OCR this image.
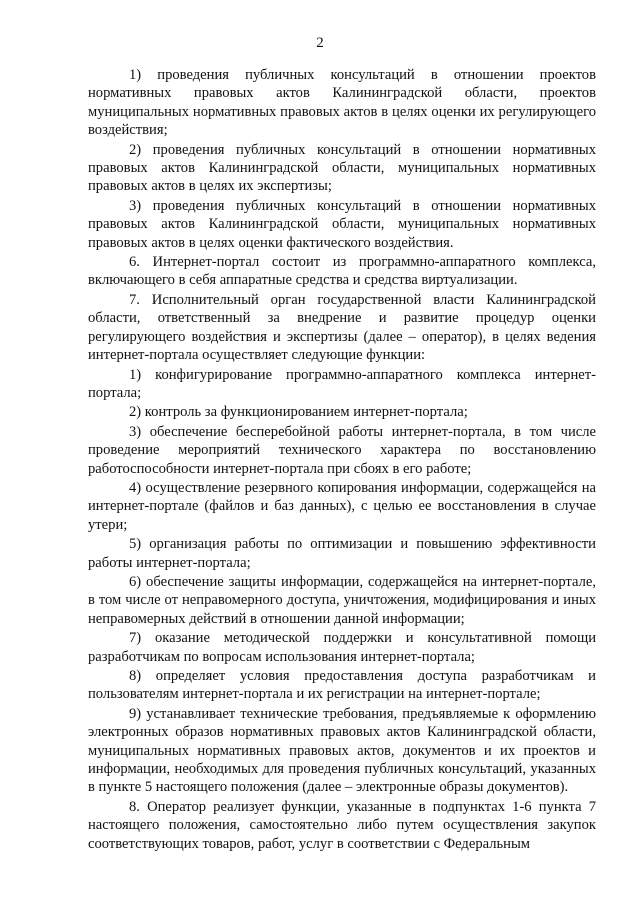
2

1) проведения публичных консультаций в отношении проектов нормативных правовых актов Калининградской области, проектов муниципальных нормативных правовых актов в целях оценки их регулирующего воздействия;

2) проведения публичных консультаций в отношении нормативных правовых актов Калининградской области, муниципальных нормативных правовых актов в целях их экспертизы;

3) проведения публичных консультаций в отношении нормативных правовых актов Калининградской области, муниципальных нормативных правовых актов в целях оценки фактического воздействия.

6. Интернет-портал состоит из программно-аппаратного комплекса, включающего в себя аппаратные средства и средства виртуализации.

7. Исполнительный орган государственной власти Калининградской области, ответственный за внедрение и развитие процедур оценки регулирующего воздействия и экспертизы (далее – оператор), в целях ведения интернет-портала осуществляет следующие функции:

1) конфигурирование программно-аппаратного комплекса интернет-портала;

2) контроль за функционированием интернет-портала;

3) обеспечение бесперебойной работы интернет-портала, в том числе проведение мероприятий технического характера по восстановлению работоспособности интернет-портала при сбоях в его работе;

4) осуществление резервного копирования информации, содержащейся на интернет-портале (файлов и баз данных), с целью ее восстановления в случае утери;

5) организация работы по оптимизации и повышению эффективности работы интернет-портала;

6) обеспечение защиты информации, содержащейся на интернет-портале, в том числе от неправомерного доступа, уничтожения, модифицирования и иных неправомерных действий в отношении данной информации;

7) оказание методической поддержки и консультативной помощи разработчикам по вопросам использования интернет-портала;

8) определяет условия предоставления доступа разработчикам и пользователям интернет-портала и их регистрации на интернет-портале;

9) устанавливает технические требования, предъявляемые к оформлению электронных образов нормативных правовых актов Калининградской области, муниципальных нормативных правовых актов, документов и их проектов и информации, необходимых для проведения публичных консультаций, указанных в пункте 5 настоящего положения (далее – электронные образы документов).

8. Оператор реализует функции, указанные в подпунктах 1-6 пункта 7 настоящего положения, самостоятельно либо путем осуществления закупок соответствующих товаров, работ, услуг в соответствии с Федеральным
